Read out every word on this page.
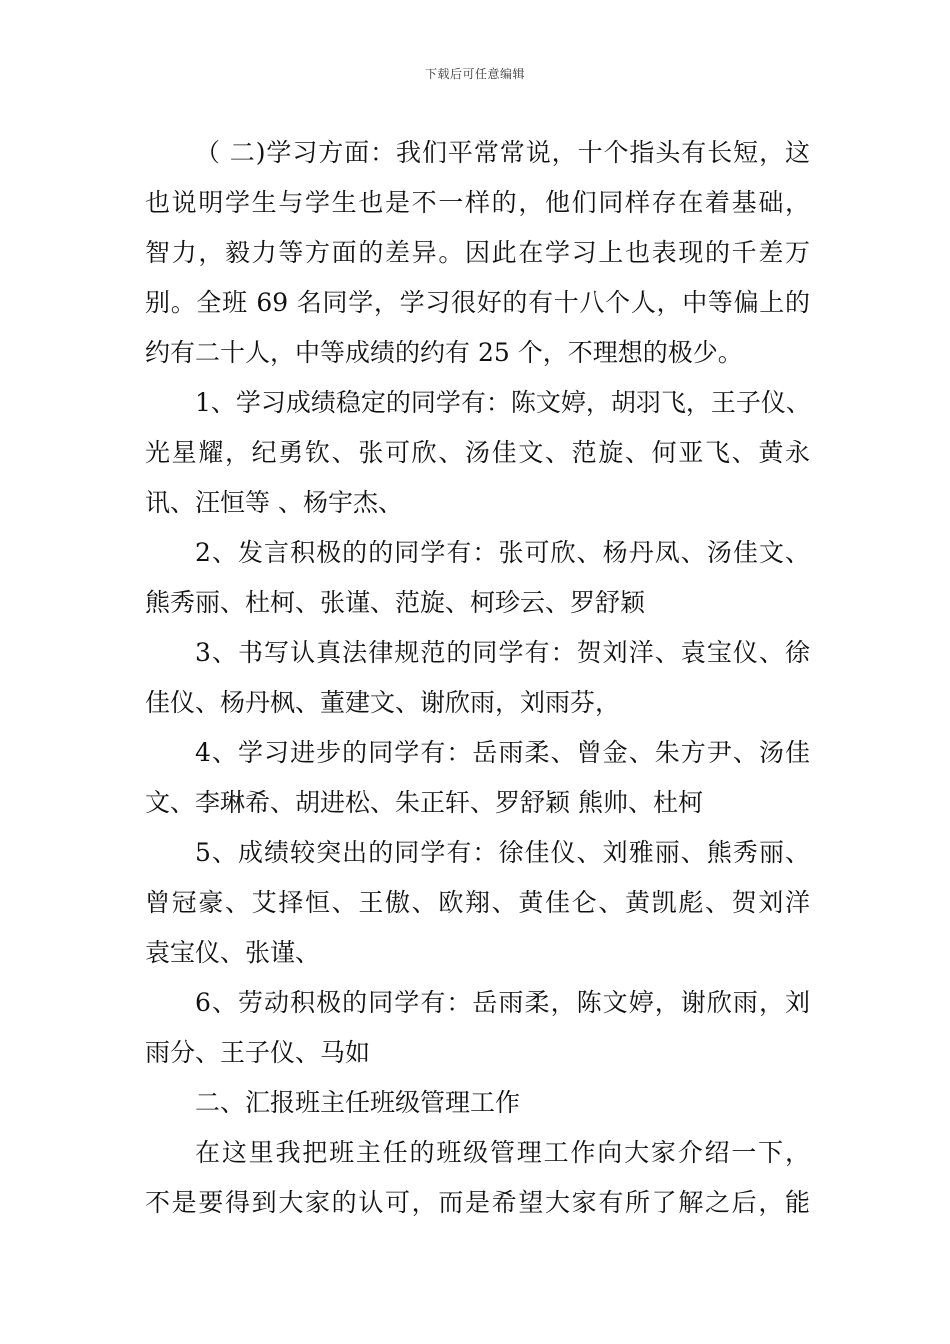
下载后可任意编辑
（ 二)学习方面：我们平常常说，十个指头有长短，这
也说明学生与学生也是不一样的，他们同样存在着基础，
智力，毅力等方面的差异。因此在学习上也表现的千差万
别。全班 69 名同学，学习很好的有十八个人，中等偏上的
约有二十人，中等成绩的约有 25 个，不理想的极少。
1、学习成绩稳定的同学有：陈文婷，胡羽飞，王子仪、
光星耀，纪勇钦、张可欣、汤佳文、范旋、何亚飞、黄永
讯、汪恒等 、杨宇杰、
2、发言积极的的同学有：张可欣、杨丹凤、汤佳文、
熊秀丽、杜柯、张谨、范旋、柯珍云、罗舒颖
3、书写认真法律规范的同学有：贺刘洋、袁宝仪、徐
佳仪、杨丹枫、董建文、谢欣雨，刘雨芬，
4、学习进步的同学有：岳雨柔、曾金、朱方尹、汤佳
文、李琳希、胡进松、朱正轩、罗舒颖 熊帅、杜柯
5、成绩较突出的同学有：徐佳仪、刘雅丽、熊秀丽、
曾冠豪、艾择恒、王傲、欧翔、黄佳仑、黄凯彪、贺刘洋
袁宝仪、张谨、
6、劳动积极的同学有：岳雨柔，陈文婷，谢欣雨，刘
雨分、王子仪、马如
二、汇报班主任班级管理工作
在这里我把班主任的班级管理工作向大家介绍一下，
不是要得到大家的认可，而是希望大家有所了解之后，能
